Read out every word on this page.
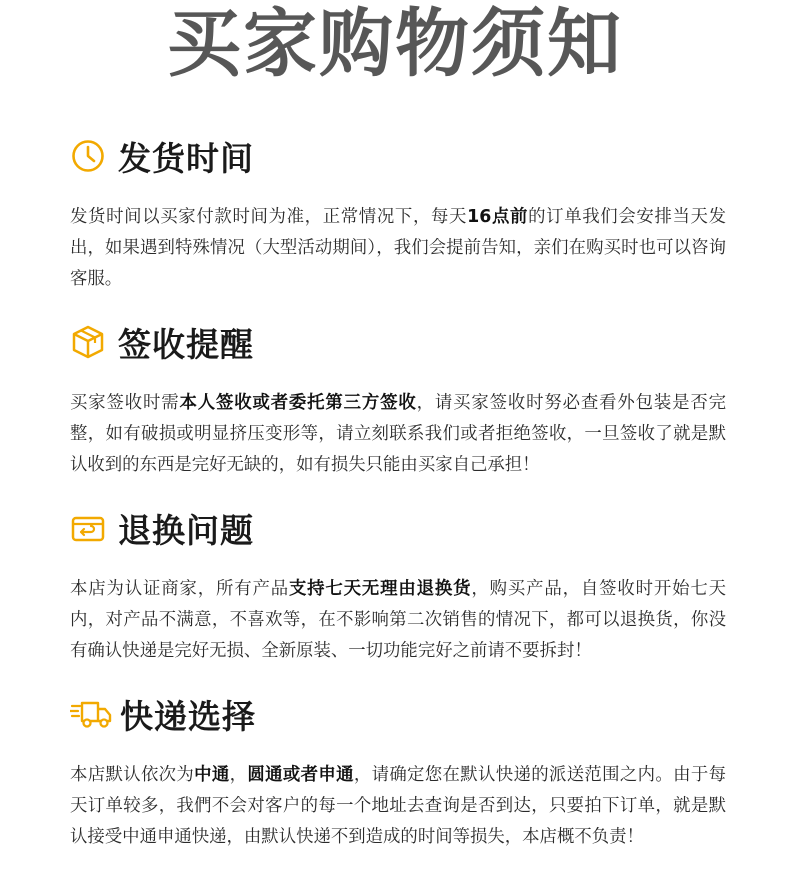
买家购物须知
发货时间
发货时间以买家付款时间为准，正常情况下，每天16点前的订单我们会安排当天发出，如果遇到特殊情况（大型活动期间），我们会提前告知，亲们在购买时也可以咨询客服。
签收提醒
买家签收时需本人签收或者委托第三方签收，请买家签收时努必查看外包装是否完整，如有破损或明显挤压变形等，请立刻联系我们或者拒绝签收，一旦签收了就是默认收到的东西是完好无缺的，如有损失只能由买家自己承担！
退换问题
本店为认证商家，所有产品支持七天无理由退换货，购买产品，自签收时开始七天内，对产品不满意，不喜欢等，在不影响第二次销售的情况下，都可以退换货，你没有确认快递是完好无损、全新原装、一切功能完好之前请不要拆封！
快递选择
本店默认依次为中通，圆通或者申通，请确定您在默认快递的派送范围之内。由于每天订单较多，我們不会对客户的每一个地址去查询是否到达，只要拍下订单，就是默认接受中通申通快递，由默认快递不到造成的时间等损失，本店概不负责！
